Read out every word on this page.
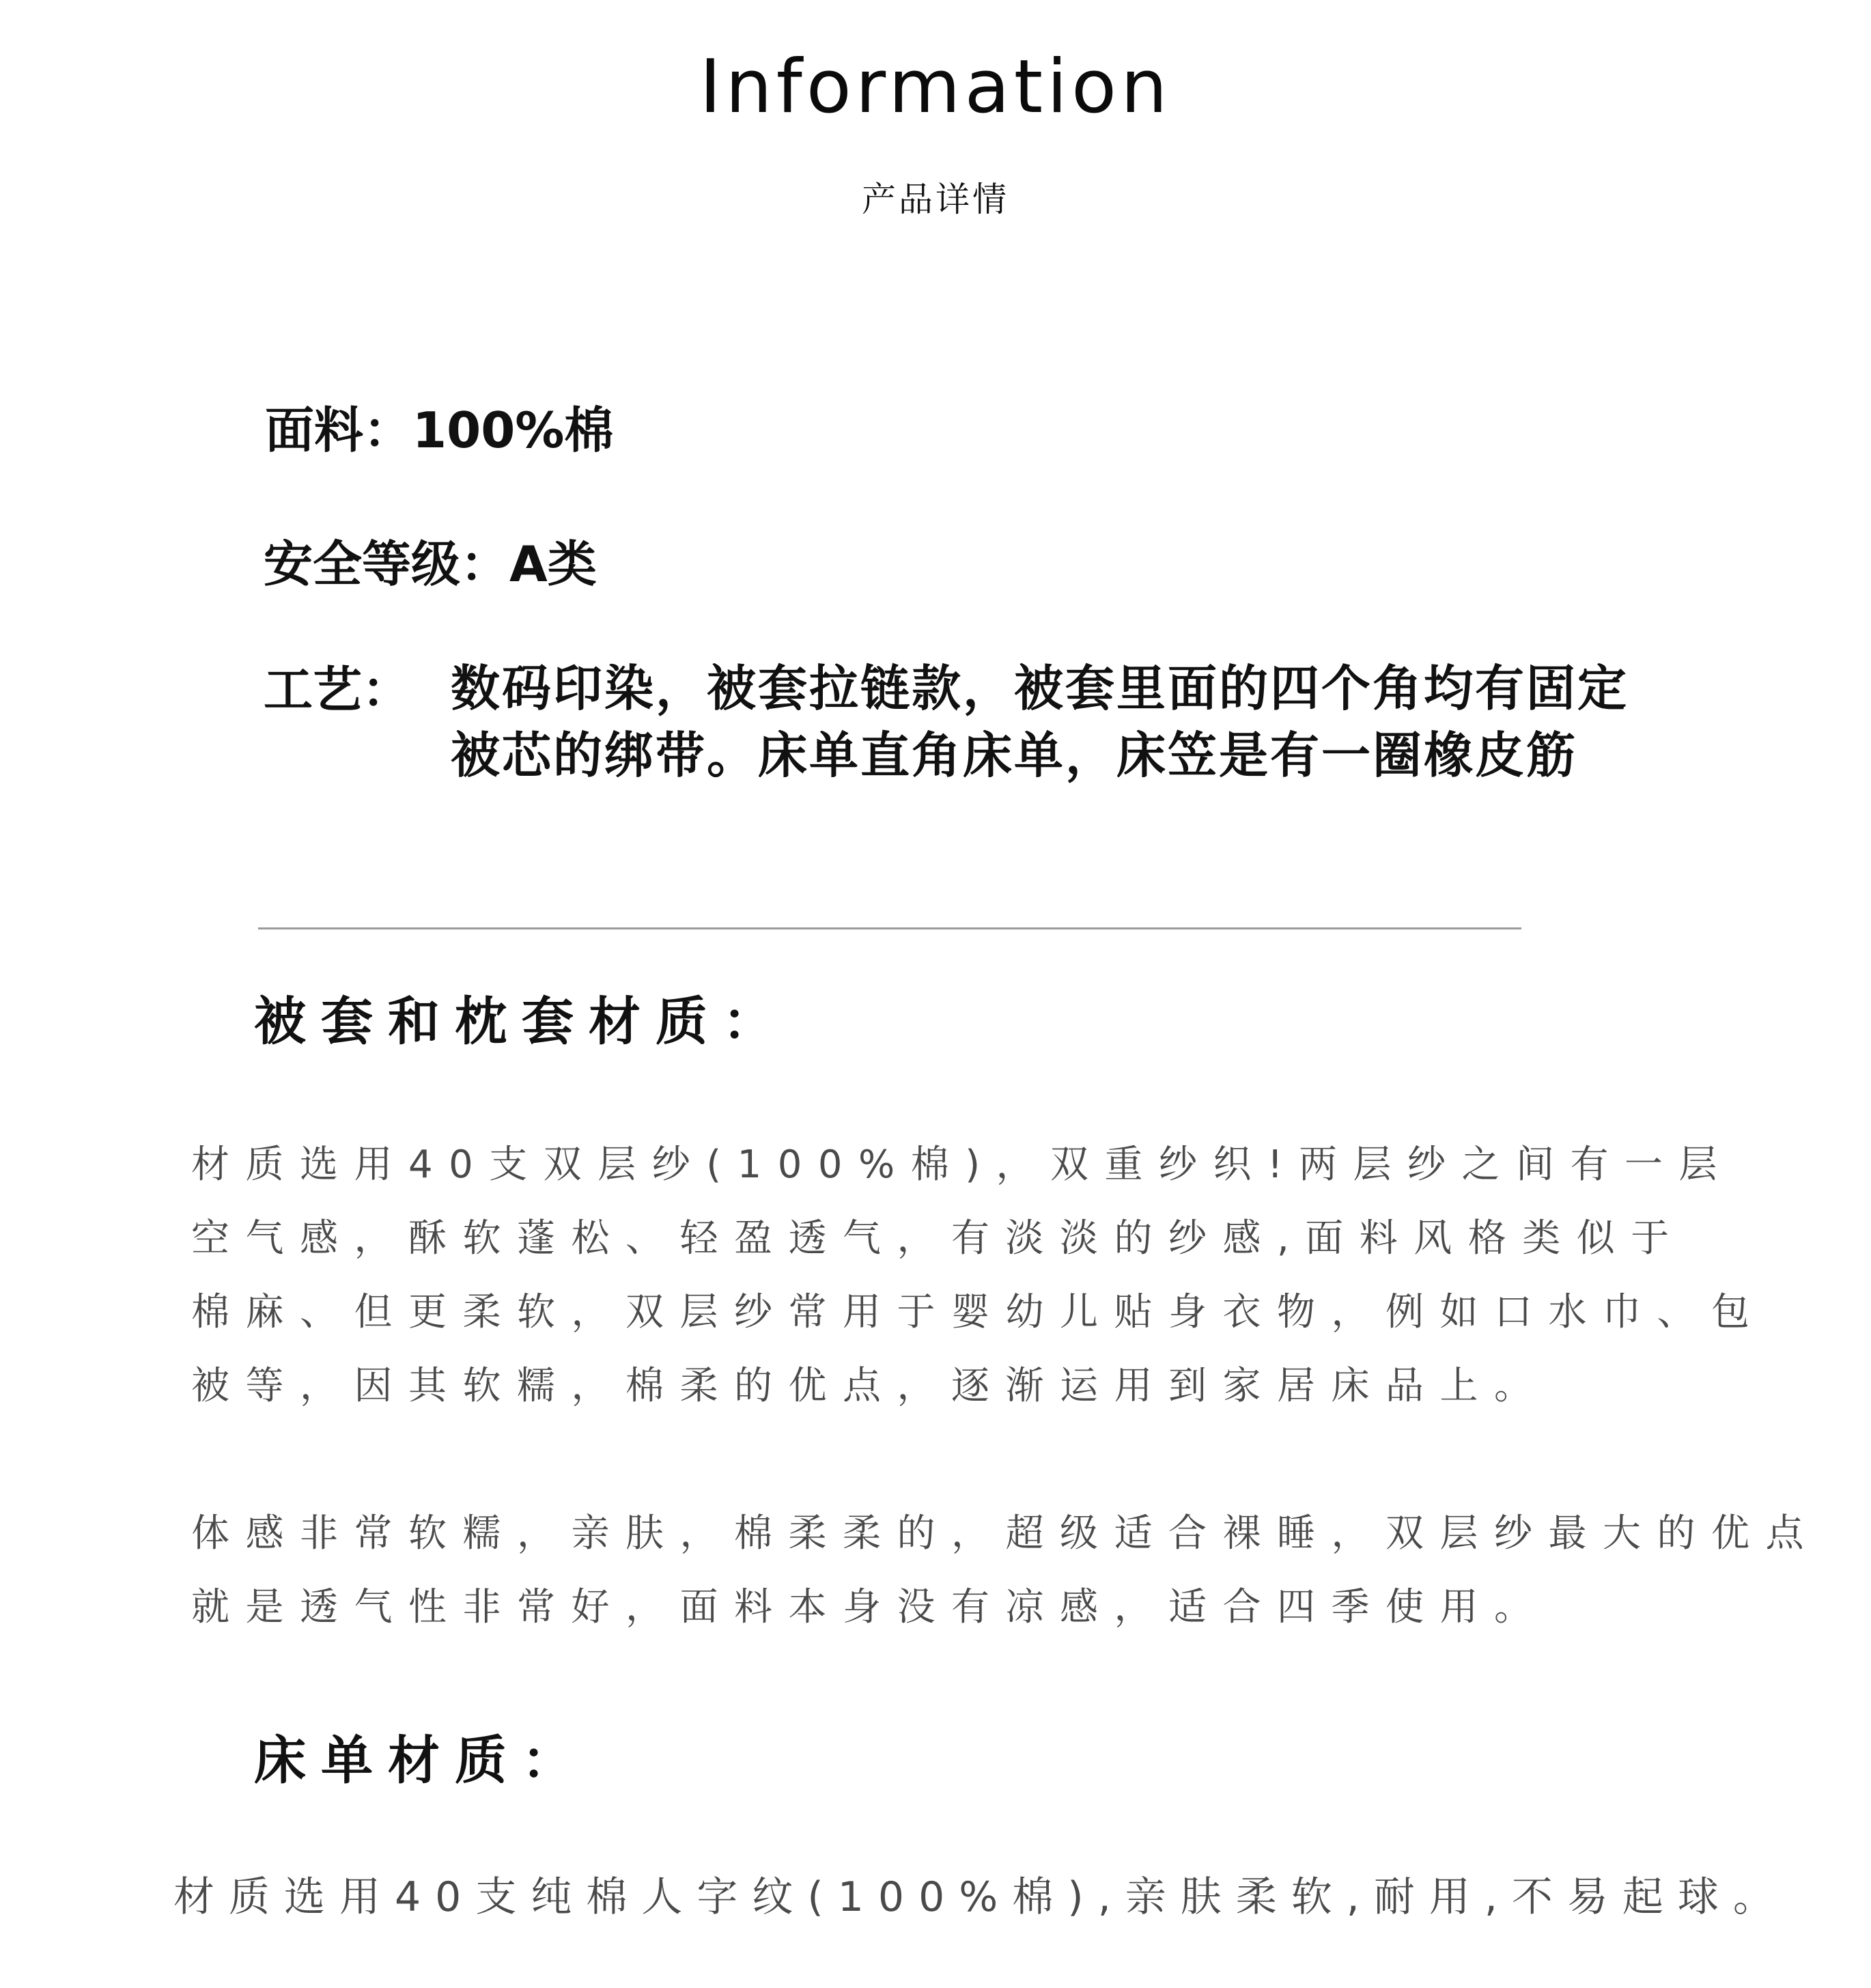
Information
产品详情
面料：100%棉
安全等级：A类
工艺： 数码印染，被套拉链款，被套里面的四个角均有固定
被芯的绑带。床单直角床单，床笠是有一圈橡皮筋
被套和枕套材质：
材质选用40支双层纱(100%棉)，双重纱织!两层纱之间有一层
空气感，酥软蓬松、轻盈透气，有淡淡的纱感,面料风格类似于
棉麻、但更柔软，双层纱常用于婴幼儿贴身衣物，例如口水巾、包
被等，因其软糯，棉柔的优点，逐渐运用到家居床品上。
体感非常软糯，亲肤，棉柔柔的，超级适合裸睡，双层纱最大的优点
就是透气性非常好，面料本身没有凉感，适合四季使用。
床单材质：
材质选用40支纯棉人字纹(100%棉),亲肤柔软,耐用,不易起球。
